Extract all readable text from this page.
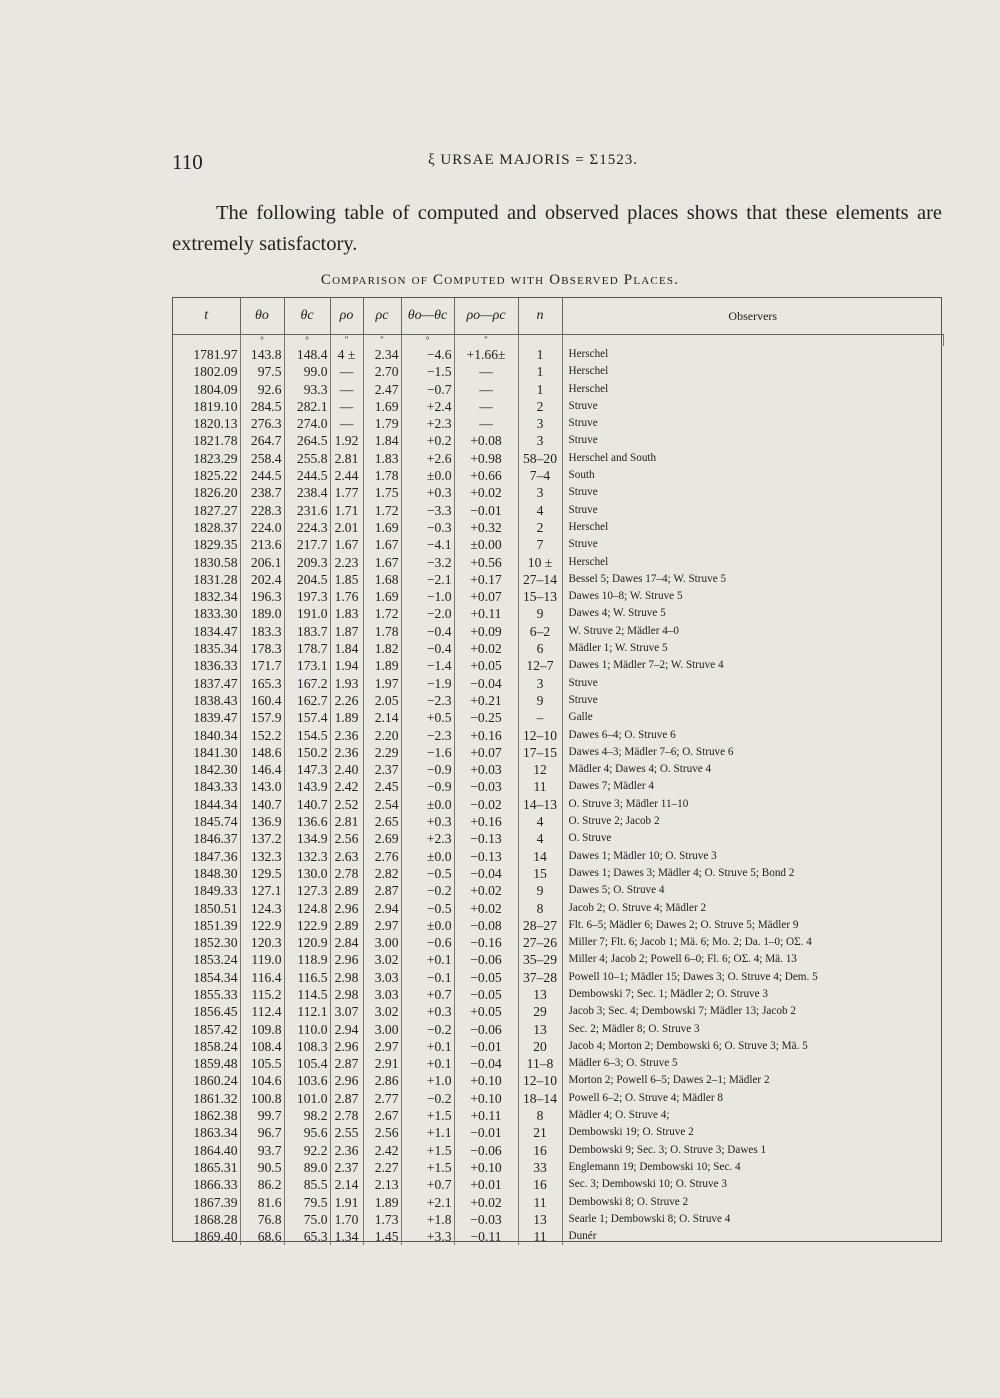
110	ξ URSAE MAJORIS = Σ1523.
The following table of computed and observed places shows that these elements are extremely satisfactory.
Comparison of Computed with Observed Places.
t	θo	θc	ρo	ρc	θo—θc	ρo—ρc	n	Observers
	°	°	″	″	°	″		
1781.97	143.8	148.4	4 ±	2.34	−4.6	+1.66±	1	Herschel
1802.09	97.5	99.0	—	2.70	−1.5	—	1	Herschel
1804.09	92.6	93.3	—	2.47	−0.7	—	1	Herschel
1819.10	284.5	282.1	—	1.69	+2.4	—	2	Struve
1820.13	276.3	274.0	—	1.79	+2.3	—	3	Struve
1821.78	264.7	264.5	1.92	1.84	+0.2	+0.08	3	Struve
1823.29	258.4	255.8	2.81	1.83	+2.6	+0.98	58–20	Herschel and South
1825.22	244.5	244.5	2.44	1.78	±0.0	+0.66	7–4	South
1826.20	238.7	238.4	1.77	1.75	+0.3	+0.02	3	Struve
1827.27	228.3	231.6	1.71	1.72	−3.3	−0.01	4	Struve
1828.37	224.0	224.3	2.01	1.69	−0.3	+0.32	2	Herschel
1829.35	213.6	217.7	1.67	1.67	−4.1	±0.00	7	Struve
1830.58	206.1	209.3	2.23	1.67	−3.2	+0.56	10 ±	Herschel
1831.28	202.4	204.5	1.85	1.68	−2.1	+0.17	27–14	Bessel 5; Dawes 17–4; W. Struve 5
1832.34	196.3	197.3	1.76	1.69	−1.0	+0.07	15–13	Dawes 10–8; W. Struve 5
1833.30	189.0	191.0	1.83	1.72	−2.0	+0.11	9	Dawes 4; W. Struve 5
1834.47	183.3	183.7	1.87	1.78	−0.4	+0.09	6–2	W. Struve 2; Mädler 4–0
1835.34	178.3	178.7	1.84	1.82	−0.4	+0.02	6	Mädler 1; W. Struve 5
1836.33	171.7	173.1	1.94	1.89	−1.4	+0.05	12–7	Dawes 1; Mädler 7–2; W. Struve 4
1837.47	165.3	167.2	1.93	1.97	−1.9	−0.04	3	Struve
1838.43	160.4	162.7	2.26	2.05	−2.3	+0.21	9	Struve
1839.47	157.9	157.4	1.89	2.14	+0.5	−0.25	–	Galle
1840.34	152.2	154.5	2.36	2.20	−2.3	+0.16	12–10	Dawes 6–4; O. Struve 6
1841.30	148.6	150.2	2.36	2.29	−1.6	+0.07	17–15	Dawes 4–3; Mädler 7–6; O. Struve 6
1842.30	146.4	147.3	2.40	2.37	−0.9	+0.03	12	Mädler 4; Dawes 4; O. Struve 4
1843.33	143.0	143.9	2.42	2.45	−0.9	−0.03	11	Dawes 7; Mädler 4
1844.34	140.7	140.7	2.52	2.54	±0.0	−0.02	14–13	O. Struve 3; Mädler 11–10
1845.74	136.9	136.6	2.81	2.65	+0.3	+0.16	4	O. Struve 2; Jacob 2
1846.37	137.2	134.9	2.56	2.69	+2.3	−0.13	4	O. Struve
1847.36	132.3	132.3	2.63	2.76	±0.0	−0.13	14	Dawes 1; Mädler 10; O. Struve 3
1848.30	129.5	130.0	2.78	2.82	−0.5	−0.04	15	Dawes 1; Dawes 3; Mädler 4; O. Struve 5; Bond 2
1849.33	127.1	127.3	2.89	2.87	−0.2	+0.02	9	Dawes 5; O. Struve 4
1850.51	124.3	124.8	2.96	2.94	−0.5	+0.02	8	Jacob 2; O. Struve 4; Mädler 2
1851.39	122.9	122.9	2.89	2.97	±0.0	−0.08	28–27	Flt. 6–5; Mädler 6; Dawes 2; O. Struve 5; Mädler 9
1852.30	120.3	120.9	2.84	3.00	−0.6	−0.16	27–26	Miller 7; Flt. 6; Jacob 1; Mä. 6; Mo. 2; Da. 1–0; OΣ. 4
1853.24	119.0	118.9	2.96	3.02	+0.1	−0.06	35–29	Miller 4; Jacob 2; Powell 6–0; Fl. 6; OΣ. 4; Mä. 13
1854.34	116.4	116.5	2.98	3.03	−0.1	−0.05	37–28	Powell 10–1; Mädler 15; Dawes 3; O. Struve 4; Dem. 5
1855.33	115.2	114.5	2.98	3.03	+0.7	−0.05	13	Dembowski 7; Sec. 1; Mädler 2; O. Struve 3
1856.45	112.4	112.1	3.07	3.02	+0.3	+0.05	29	Jacob 3; Sec. 4; Dembowski 7; Mädler 13; Jacob 2
1857.42	109.8	110.0	2.94	3.00	−0.2	−0.06	13	Sec. 2; Mädler 8; O. Struve 3
1858.24	108.4	108.3	2.96	2.97	+0.1	−0.01	20	Jacob 4; Morton 2; Dembowski 6; O. Struve 3; Mä. 5
1859.48	105.5	105.4	2.87	2.91	+0.1	−0.04	11–8	Mädler 6–3; O. Struve 5
1860.24	104.6	103.6	2.96	2.86	+1.0	+0.10	12–10	Morton 2; Powell 6–5; Dawes 2–1; Mädler 2
1861.32	100.8	101.0	2.87	2.77	−0.2	+0.10	18–14	Powell 6–2; O. Struve 4; Mädler 8
1862.38	99.7	98.2	2.78	2.67	+1.5	+0.11	8	Mädler 4; O. Struve 4;
1863.34	96.7	95.6	2.55	2.56	+1.1	−0.01	21	Dembowski 19; O. Struve 2
1864.40	93.7	92.2	2.36	2.42	+1.5	−0.06	16	Dembowski 9; Sec. 3; O. Struve 3; Dawes 1
1865.31	90.5	89.0	2.37	2.27	+1.5	+0.10	33	Englemann 19; Dembowski 10; Sec. 4
1866.33	86.2	85.5	2.14	2.13	+0.7	+0.01	16	Sec. 3; Dembowski 10; O. Struve 3
1867.39	81.6	79.5	1.91	1.89	+2.1	+0.02	11	Dembowski 8; O. Struve 2
1868.28	76.8	75.0	1.70	1.73	+1.8	−0.03	13	Searle 1; Dembowski 8; O. Struve 4
1869.40	68.6	65.3	1.34	1.45	+3.3	−0.11	11	Dunér
